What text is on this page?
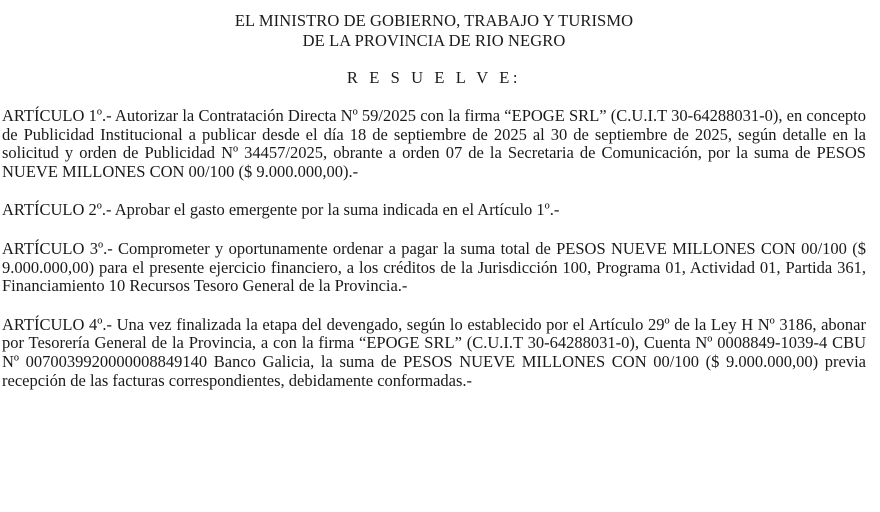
EL MINISTRO DE GOBIERNO, TRABAJO Y TURISMO
DE LA PROVINCIA DE RIO NEGRO

R E S U E L V E:

ARTÍCULO 1º.- Autorizar la Contratación Directa Nº 59/2025 con la firma “EPOGE SRL” (C.U.I.T 30-64288031-0), en concepto de Publicidad Institucional a publicar desde el día 18 de septiembre de 2025 al 30 de septiembre de 2025, según detalle en la solicitud y orden de Publicidad Nº 34457/2025, obrante a orden 07 de la Secretaria de Comunicación, por la suma de PESOS NUEVE MILLONES CON 00/100 ($ 9.000.000,00).-

ARTÍCULO 2º.- Aprobar el gasto emergente por la suma indicada en el Artículo 1º.-

ARTÍCULO 3º.- Comprometer y oportunamente ordenar a pagar la suma total de PESOS NUEVE MILLONES CON 00/100 ($ 9.000.000,00) para el presente ejercicio financiero, a los créditos de la Jurisdicción 100, Programa 01, Actividad 01, Partida 361, Financiamiento 10 Recursos Tesoro General de la Provincia.-

ARTÍCULO 4º.- Una vez finalizada la etapa del devengado, según lo establecido por el Artículo 29º de la Ley H Nº 3186, abonar por Tesorería General de la Provincia, a con la firma “EPOGE SRL” (C.U.I.T 30-64288031-0), Cuenta Nº 0008849-1039-4 CBU Nº 0070039920000008849140 Banco Galicia, la suma de PESOS NUEVE MILLONES CON 00/100 ($ 9.000.000,00) previa recepción de las facturas correspondientes, debidamente conformadas.-
